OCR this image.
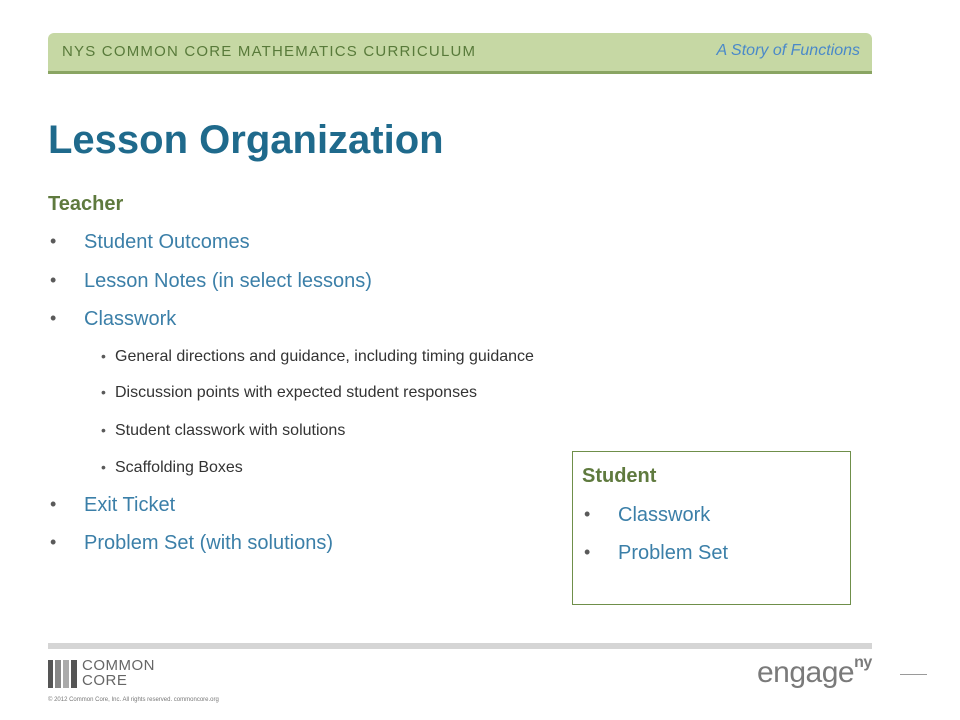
NYS COMMON CORE MATHEMATICS CURRICULUM	A Story of Functions
Lesson Organization
Teacher
• Student Outcomes
• Lesson Notes (in select lessons)
• Classwork
• General directions and guidance, including timing guidance
• Discussion points with expected student responses
• Student classwork with solutions
• Scaffolding Boxes
• Exit Ticket
• Problem Set (with solutions)
Student
• Classwork
• Problem Set
COMMON
CORE
© 2012 Common Core, Inc. All rights reserved. commoncore.org
engage$^{ny}$
